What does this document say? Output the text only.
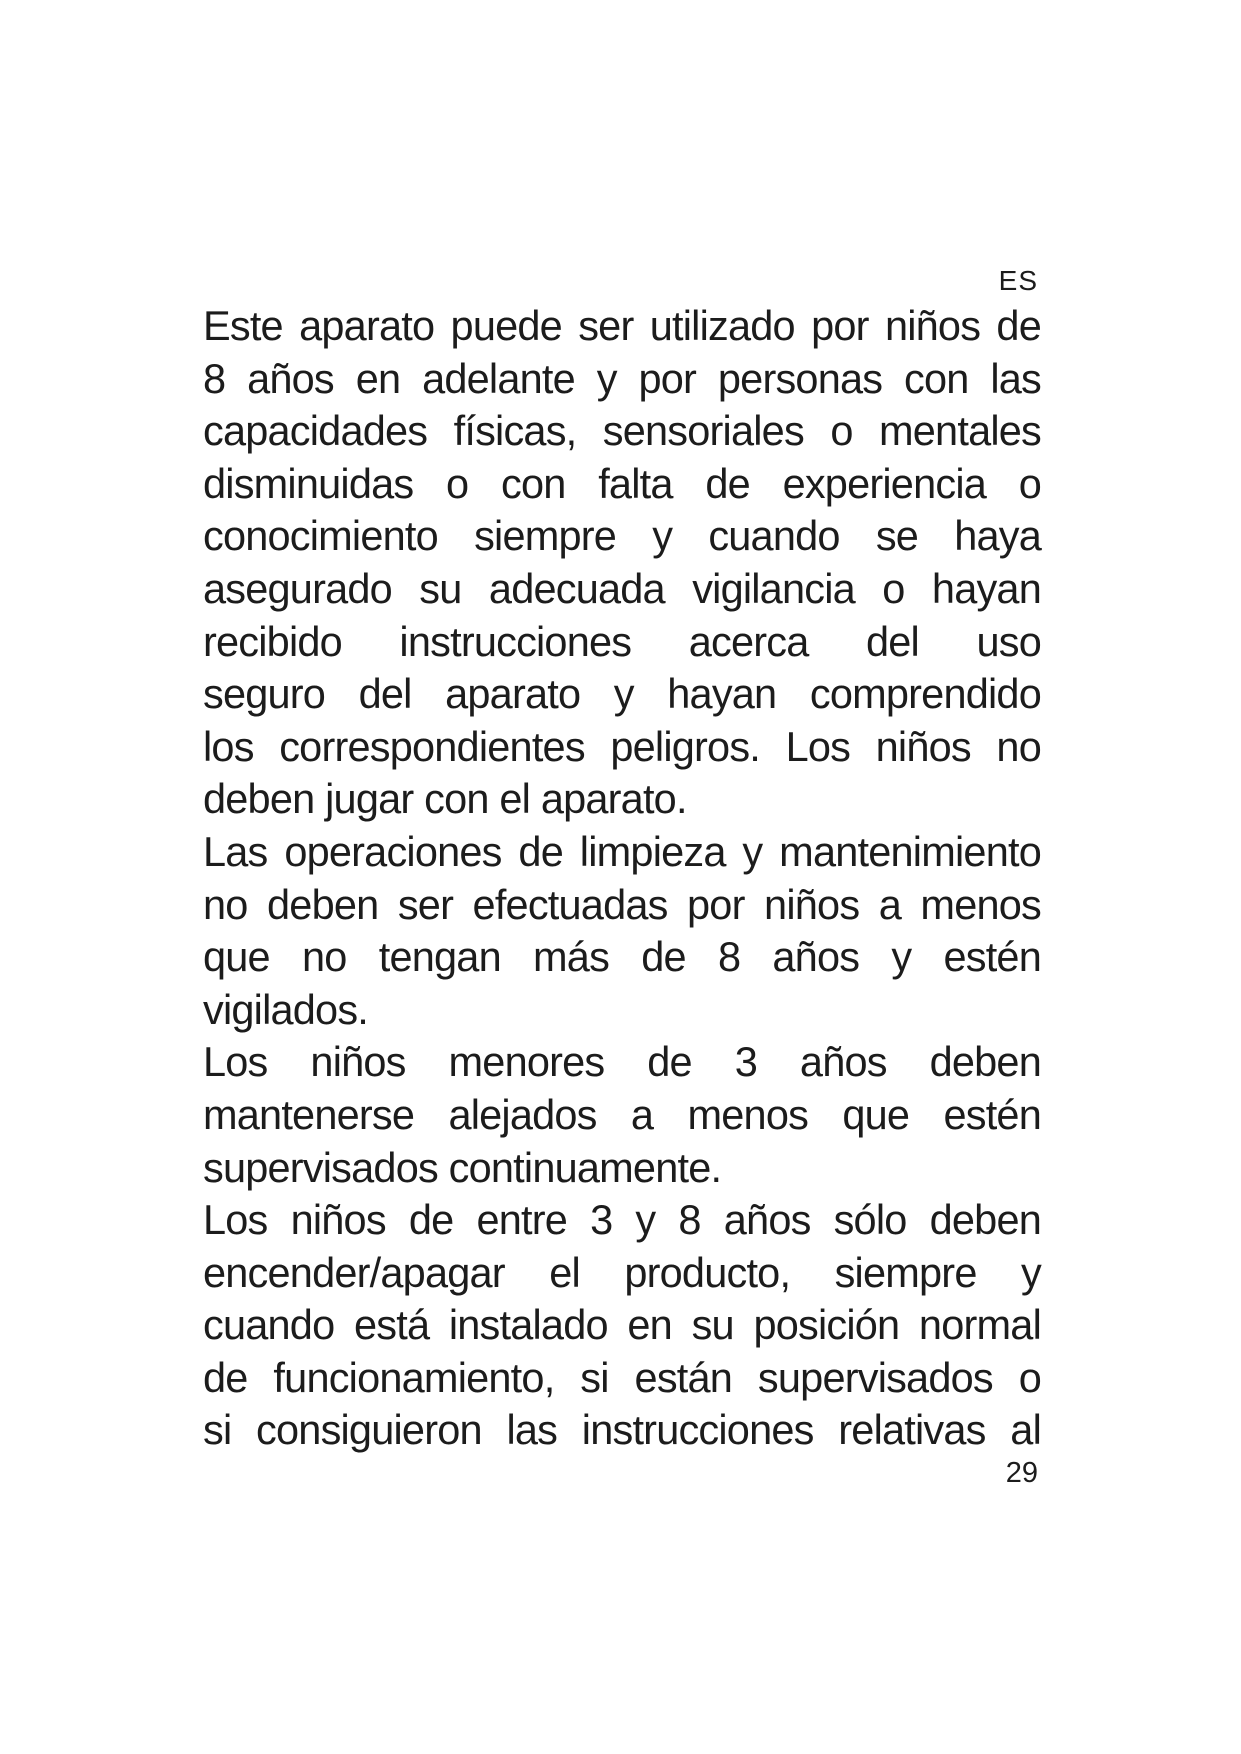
ES
Este aparato puede ser utilizado por niños de
8 años en adelante y por personas con las
capacidades físicas, sensoriales o mentales
disminuidas o con falta de experiencia o
conocimiento siempre y cuando se haya
asegurado su adecuada vigilancia o hayan
recibido instrucciones acerca del uso
seguro del aparato y hayan comprendido
los correspondientes peligros. Los niños no
deben jugar con el aparato.
Las operaciones de limpieza y mantenimiento
no deben ser efectuadas por niños a menos
que no tengan más de 8 años y estén
vigilados.
Los niños menores de 3 años deben
mantenerse alejados a menos que estén
supervisados continuamente.
Los niños de entre 3 y 8 años sólo deben
encender/apagar el producto, siempre y
cuando está instalado en su posición normal
de funcionamiento, si están supervisados o
si consiguieron las instrucciones relativas al
29
